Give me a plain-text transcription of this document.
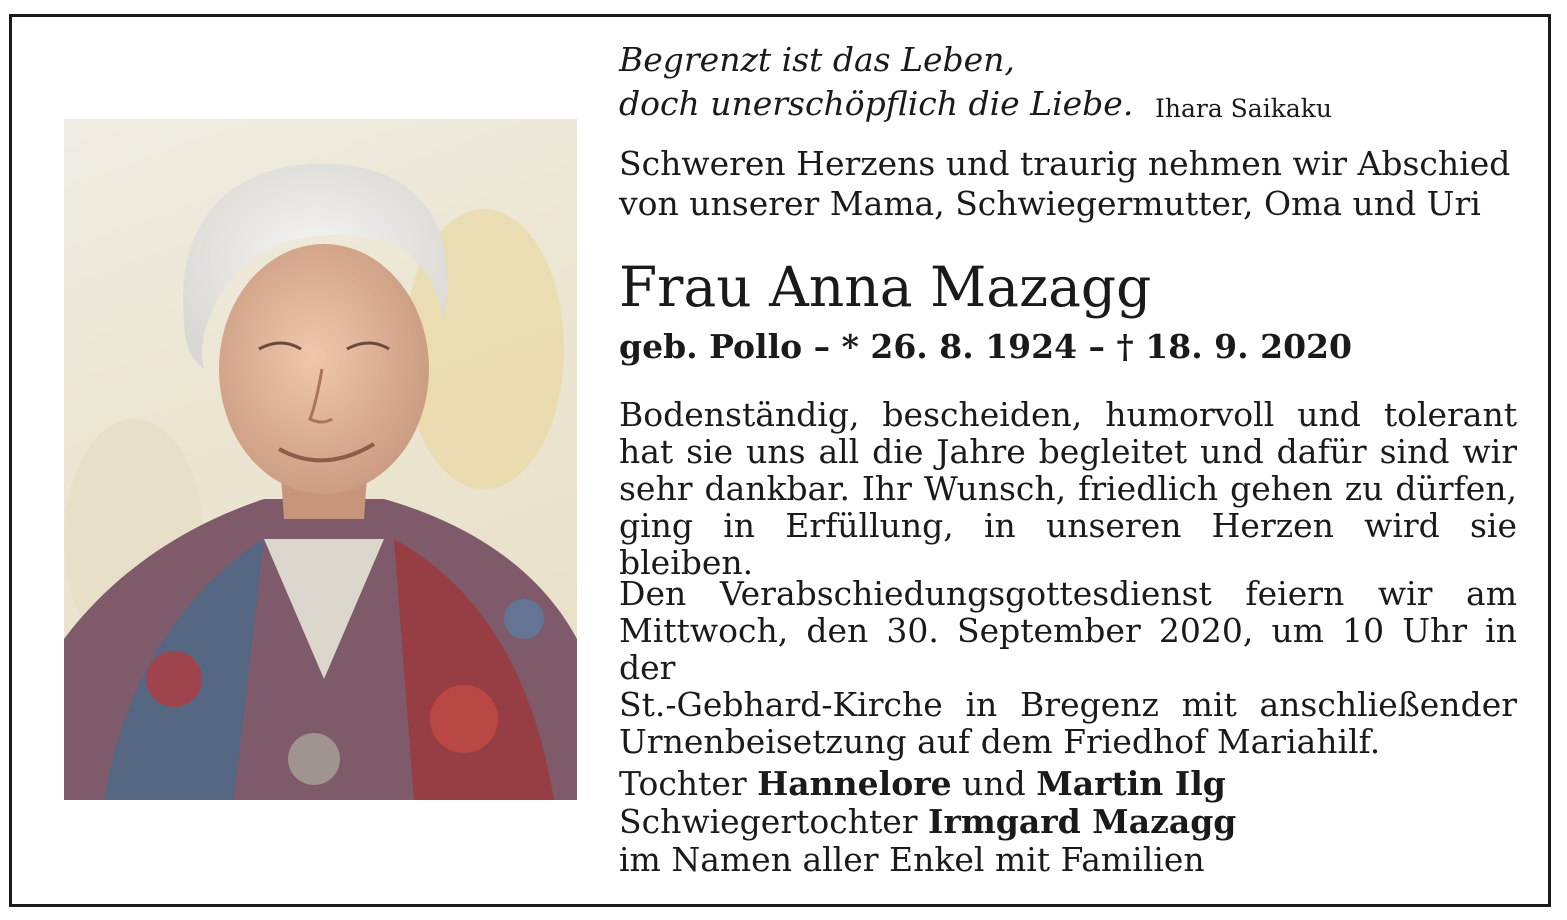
Begrenzt ist das Leben,
doch unerschöpflich die Liebe. Ihara Saikaku
Schweren Herzens und traurig nehmen wir Abschied
von unserer Mama, Schwiegermutter, Oma und Uri
Frau Anna Mazagg
geb. Pollo – * 26. 8. 1924 – † 18. 9. 2020
Bodenständig, bescheiden, humorvoll und tolerant
hat sie uns all die Jahre begleitet und dafür sind wir
sehr dankbar. Ihr Wunsch, friedlich gehen zu dürfen,
ging in Erfüllung, in unseren Herzen wird sie bleiben.
Den Verabschiedungsgottesdienst feiern wir am
Mittwoch, den 30. September 2020, um 10 Uhr in der
St.-Gebhard-Kirche in Bregenz mit anschließender
Urnenbeisetzung auf dem Friedhof Mariahilf.
Tochter Hannelore und Martin Ilg
Schwiegertochter Irmgard Mazagg
im Namen aller Enkel mit Familien
